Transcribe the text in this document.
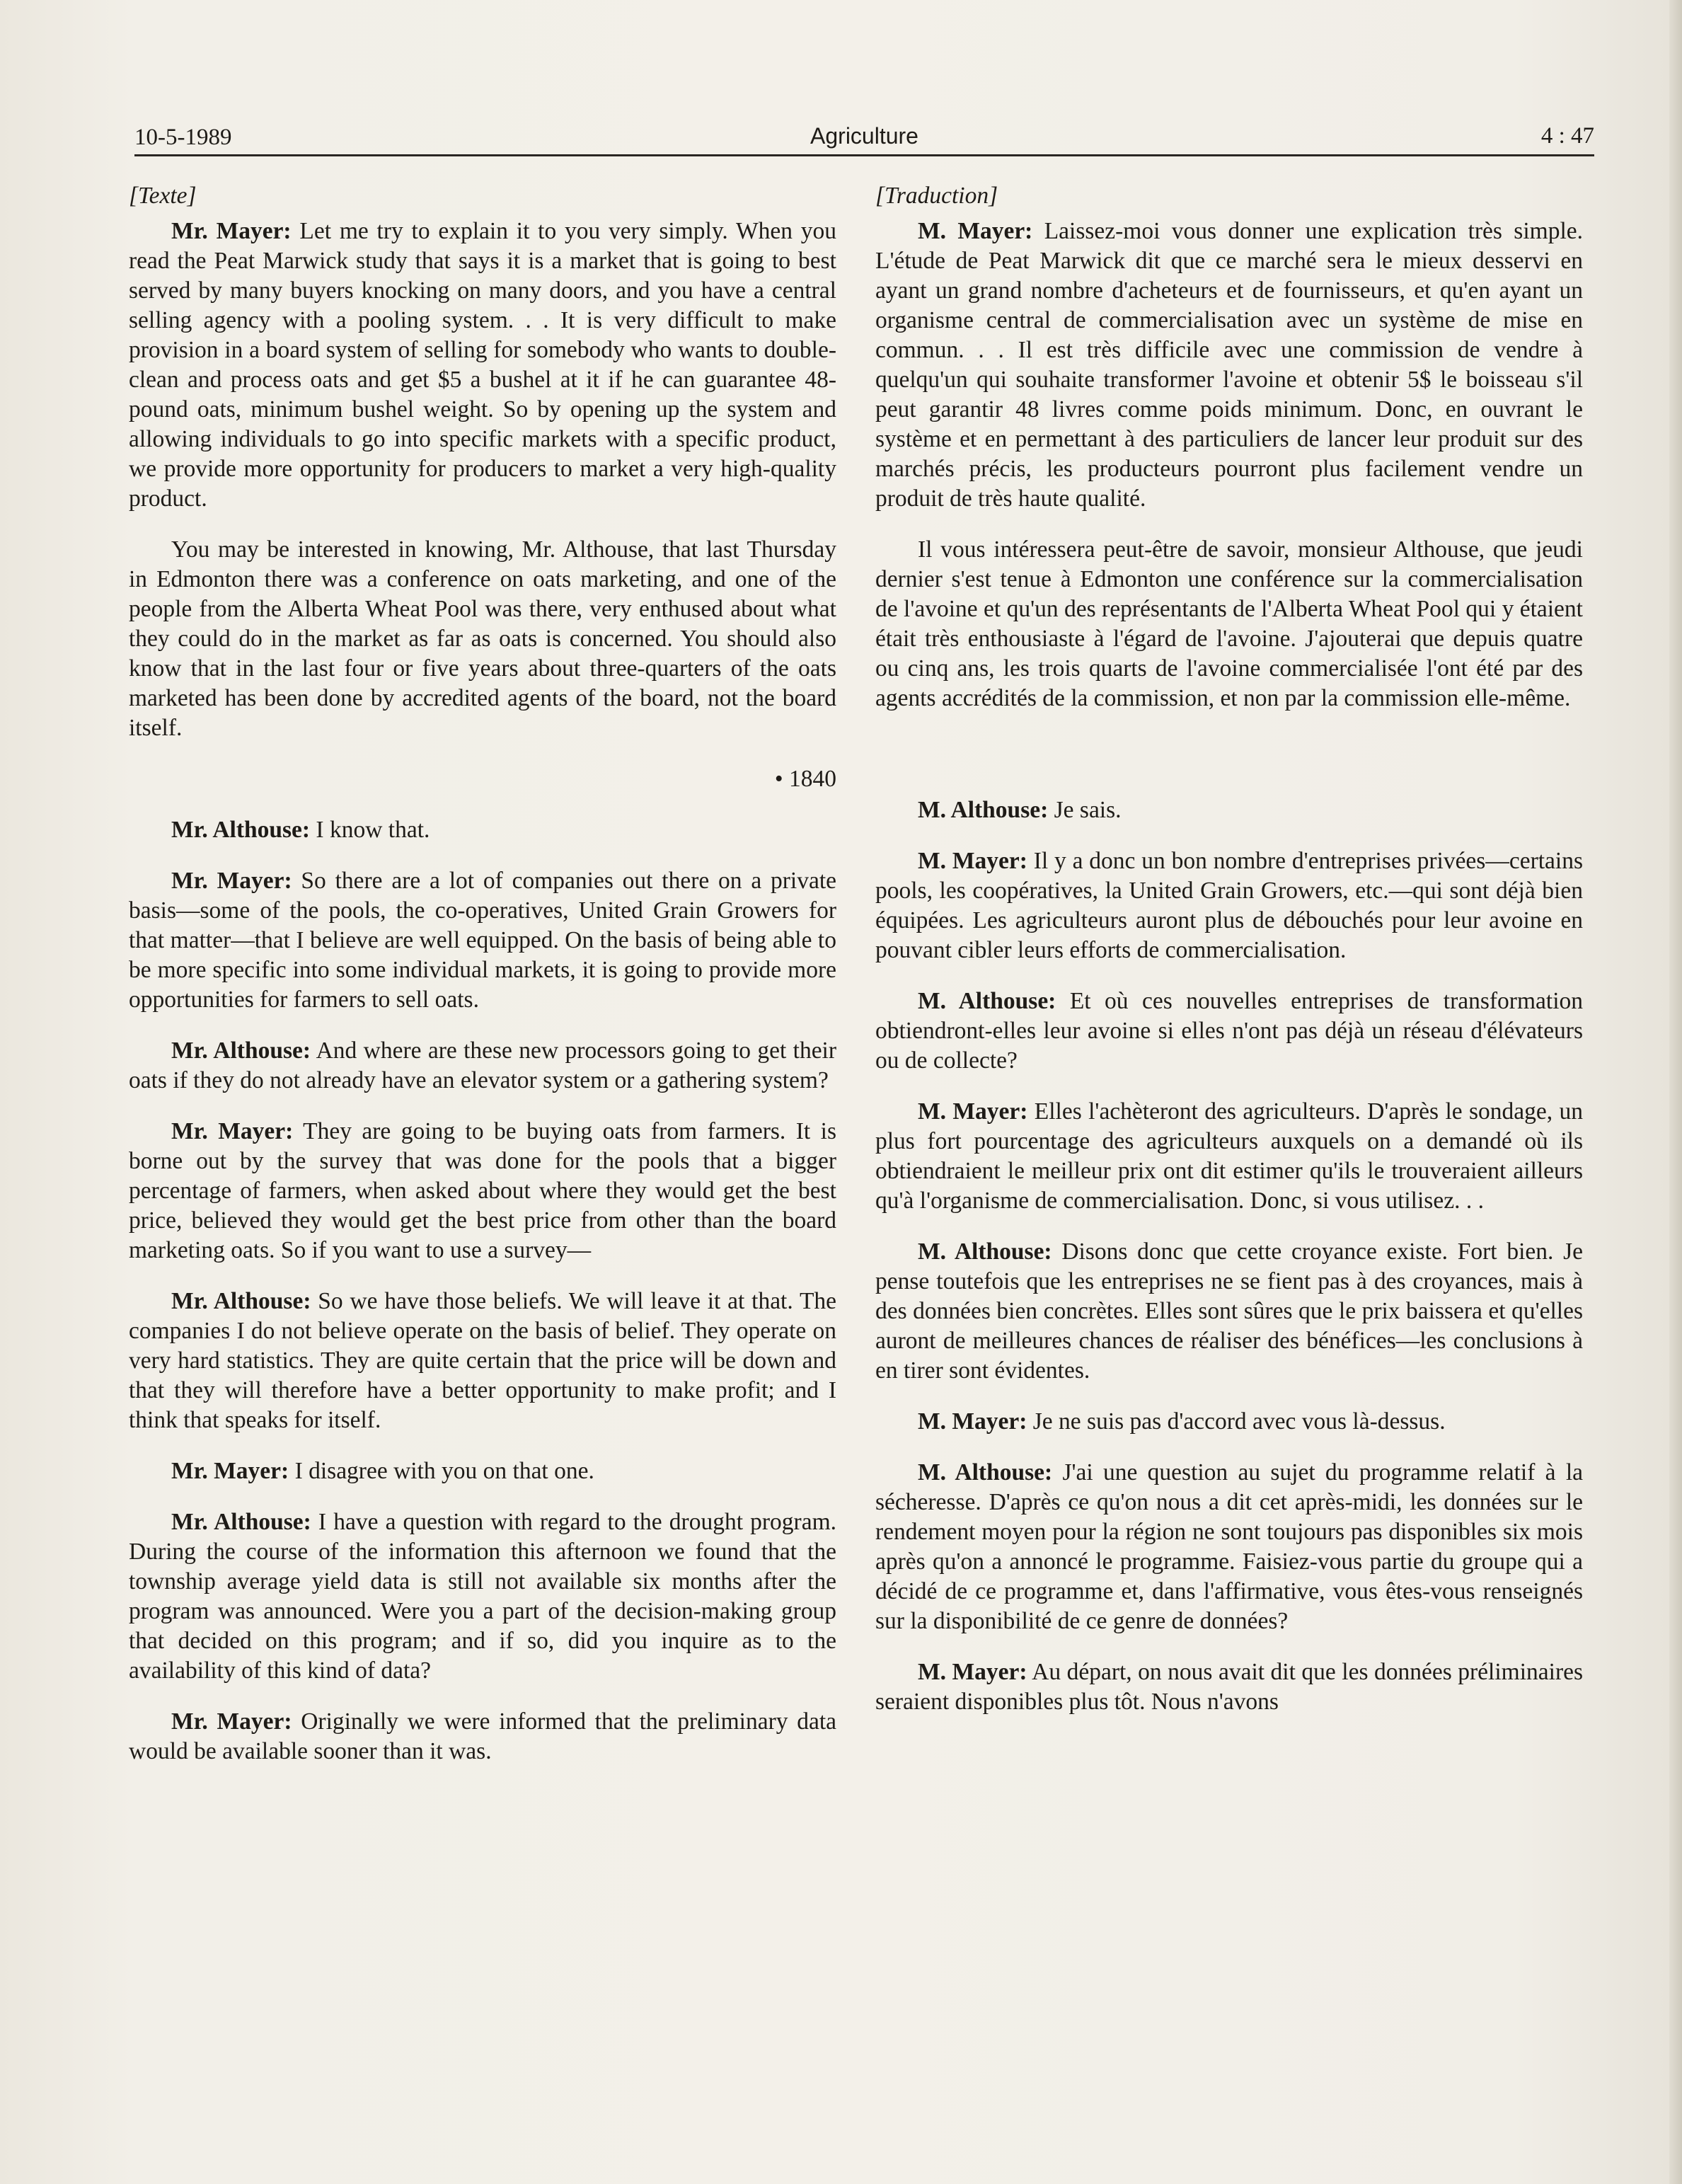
10-5-1989	Agriculture	4 : 47

[Texte]

Mr. Mayer: Let me try to explain it to you very simply. When you read the Peat Marwick study that says it is a market that is going to best served by many buyers knocking on many doors, and you have a central selling agency with a pooling system. . . It is very difficult to make provision in a board system of selling for somebody who wants to double-clean and process oats and get $5 a bushel at it if he can guarantee 48-pound oats, minimum bushel weight. So by opening up the system and allowing individuals to go into specific markets with a specific product, we provide more opportunity for producers to market a very high-quality product.

You may be interested in knowing, Mr. Althouse, that last Thursday in Edmonton there was a conference on oats marketing, and one of the people from the Alberta Wheat Pool was there, very enthused about what they could do in the market as far as oats is concerned. You should also know that in the last four or five years about three-quarters of the oats marketed has been done by accredited agents of the board, not the board itself.

• 1840

Mr. Althouse: I know that.

Mr. Mayer: So there are a lot of companies out there on a private basis—some of the pools, the co-operatives, United Grain Growers for that matter—that I believe are well equipped. On the basis of being able to be more specific into some individual markets, it is going to provide more opportunities for farmers to sell oats.

Mr. Althouse: And where are these new processors going to get their oats if they do not already have an elevator system or a gathering system?

Mr. Mayer: They are going to be buying oats from farmers. It is borne out by the survey that was done for the pools that a bigger percentage of farmers, when asked about where they would get the best price, believed they would get the best price from other than the board marketing oats. So if you want to use a survey—

Mr. Althouse: So we have those beliefs. We will leave it at that. The companies I do not believe operate on the basis of belief. They operate on very hard statistics. They are quite certain that the price will be down and that they will therefore have a better opportunity to make profit; and I think that speaks for itself.

Mr. Mayer: I disagree with you on that one.

Mr. Althouse: I have a question with regard to the drought program. During the course of the information this afternoon we found that the township average yield data is still not available six months after the program was announced. Were you a part of the decision-making group that decided on this program; and if so, did you inquire as to the availability of this kind of data?

Mr. Mayer: Originally we were informed that the preliminary data would be available sooner than it was.

[Traduction]

M. Mayer: Laissez-moi vous donner une explication très simple. L'étude de Peat Marwick dit que ce marché sera le mieux desservi en ayant un grand nombre d'acheteurs et de fournisseurs, et qu'en ayant un organisme central de commercialisation avec un système de mise en commun. . . Il est très difficile avec une commission de vendre à quelqu'un qui souhaite transformer l'avoine et obtenir 5$ le boisseau s'il peut garantir 48 livres comme poids minimum. Donc, en ouvrant le système et en permettant à des particuliers de lancer leur produit sur des marchés précis, les producteurs pourront plus facilement vendre un produit de très haute qualité.

Il vous intéressera peut-être de savoir, monsieur Althouse, que jeudi dernier s'est tenue à Edmonton une conférence sur la commercialisation de l'avoine et qu'un des représentants de l'Alberta Wheat Pool qui y étaient était très enthousiaste à l'égard de l'avoine. J'ajouterai que depuis quatre ou cinq ans, les trois quarts de l'avoine commercialisée l'ont été par des agents accrédités de la commission, et non par la commission elle-même.

M. Althouse: Je sais.

M. Mayer: Il y a donc un bon nombre d'entreprises privées—certains pools, les coopératives, la United Grain Growers, etc.—qui sont déjà bien équipées. Les agriculteurs auront plus de débouchés pour leur avoine en pouvant cibler leurs efforts de commercialisation.

M. Althouse: Et où ces nouvelles entreprises de transformation obtiendront-elles leur avoine si elles n'ont pas déjà un réseau d'élévateurs ou de collecte?

M. Mayer: Elles l'achèteront des agriculteurs. D'après le sondage, un plus fort pourcentage des agriculteurs auxquels on a demandé où ils obtiendraient le meilleur prix ont dit estimer qu'ils le trouveraient ailleurs qu'à l'organisme de commercialisation. Donc, si vous utilisez. . .

M. Althouse: Disons donc que cette croyance existe. Fort bien. Je pense toutefois que les entreprises ne se fient pas à des croyances, mais à des données bien concrètes. Elles sont sûres que le prix baissera et qu'elles auront de meilleures chances de réaliser des bénéfices—les conclusions à en tirer sont évidentes.

M. Mayer: Je ne suis pas d'accord avec vous là-dessus.

M. Althouse: J'ai une question au sujet du programme relatif à la sécheresse. D'après ce qu'on nous a dit cet après-midi, les données sur le rendement moyen pour la région ne sont toujours pas disponibles six mois après qu'on a annoncé le programme. Faisiez-vous partie du groupe qui a décidé de ce programme et, dans l'affirmative, vous êtes-vous renseignés sur la disponibilité de ce genre de données?

M. Mayer: Au départ, on nous avait dit que les données préliminaires seraient disponibles plus tôt. Nous n'avons
